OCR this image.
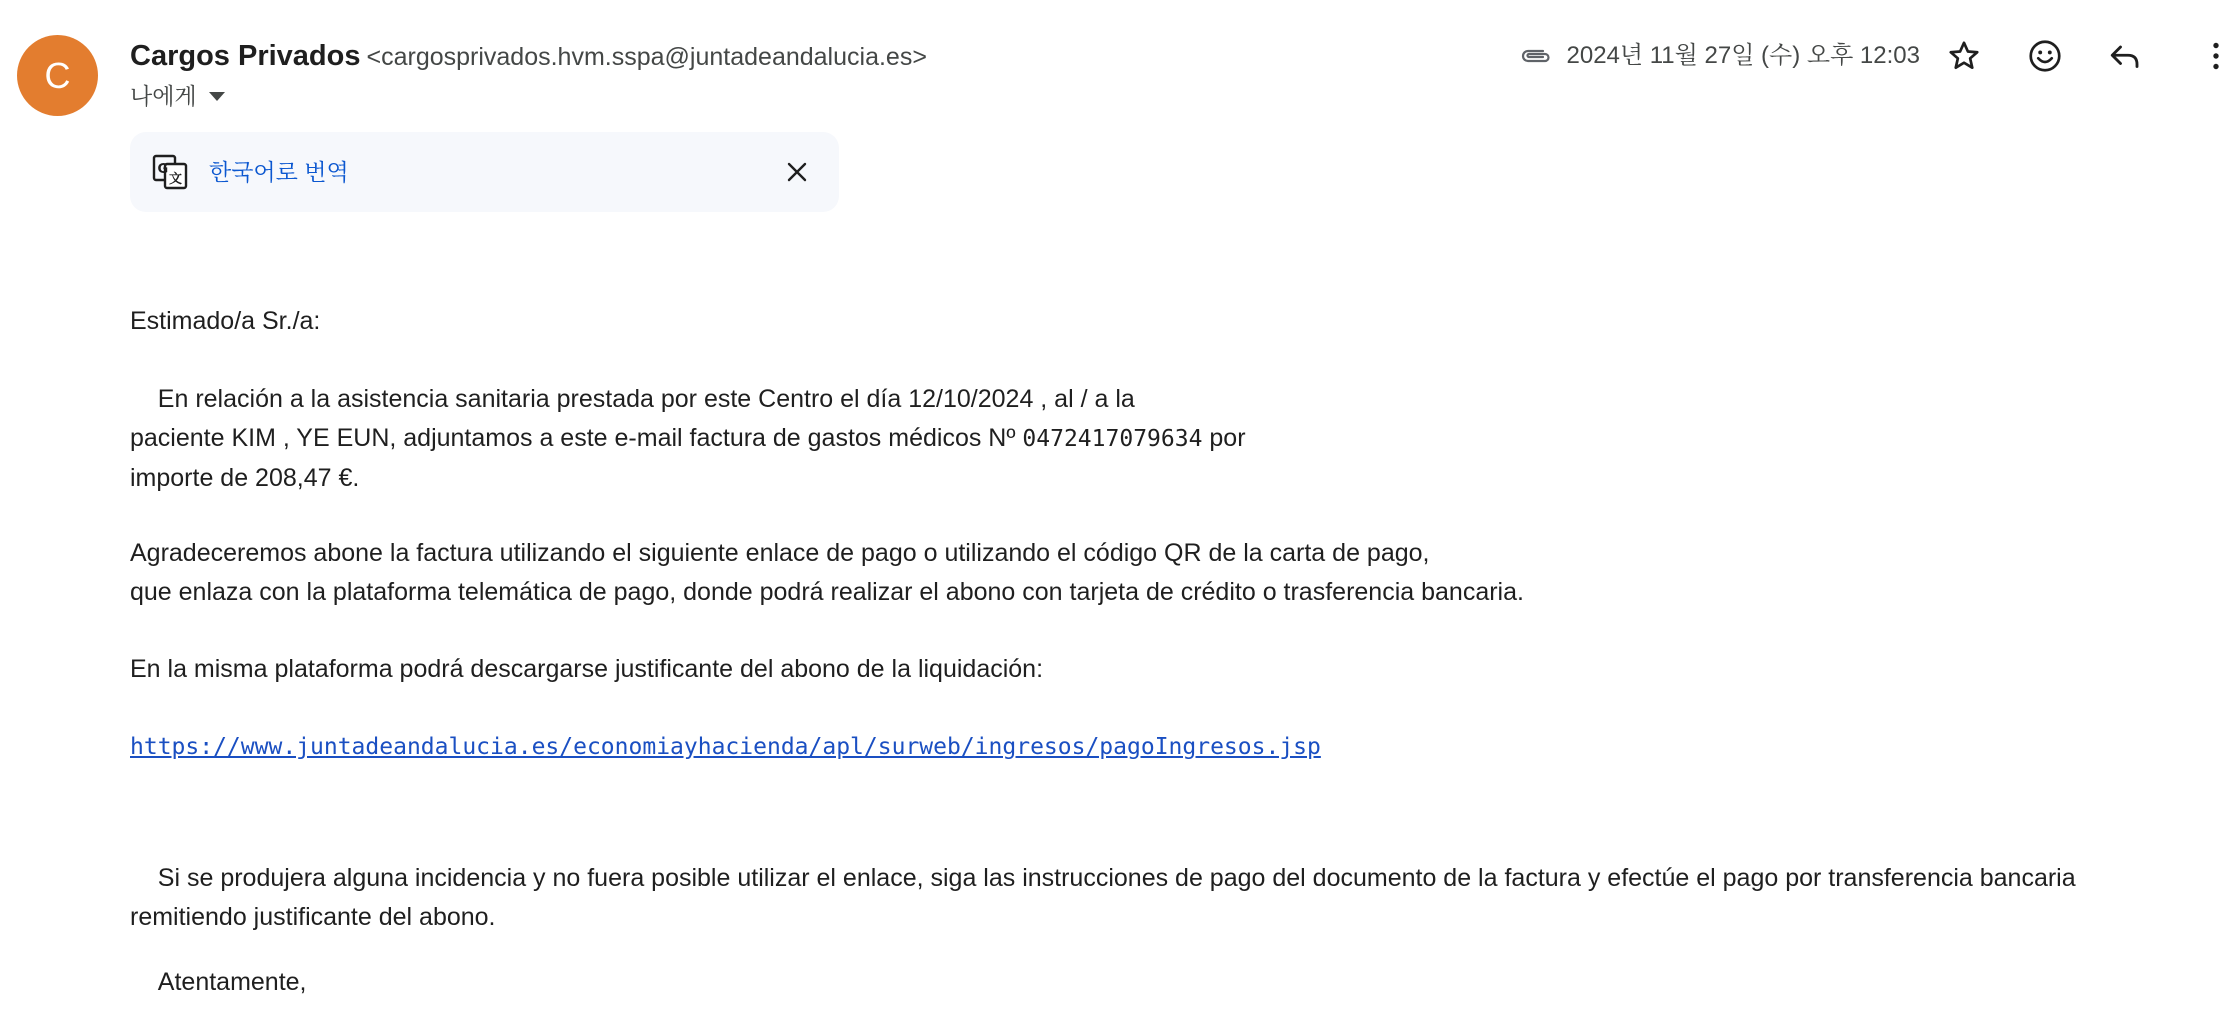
C Cargos Privados <cargosprivados.hvm.sspa@juntadeandalucia.es>
나에게
2024년 11월 27일 (수) 오후 12:03
G
文 한국어로 번역

Estimado/a Sr./a:

En relación a la asistencia sanitaria prestada por este Centro el día 12/10/2024 , al / a la

paciente KIM , YE EUN, adjuntamos a este e-mail factura de gastos médicos Nº 0472417079634 por

importe de 208,47 €.

Agradeceremos abone la factura utilizando el siguiente enlace de pago o utilizando el código QR de la carta de pago,

que enlaza con la plataforma telemática de pago, donde podrá realizar el abono con tarjeta de crédito o trasferencia bancaria.

En la misma plataforma podrá descargarse justificante del abono de la liquidación:

https://www.juntadeandalucia.es/economiayhacienda/apl/surweb/ingresos/pagoIngresos.jsp

Si se produjera alguna incidencia y no fuera posible utilizar el enlace, siga las instrucciones de pago del documento de la factura y efectúe el pago por transferencia bancaria

remitiendo justificante del abono.

Atentamente,
